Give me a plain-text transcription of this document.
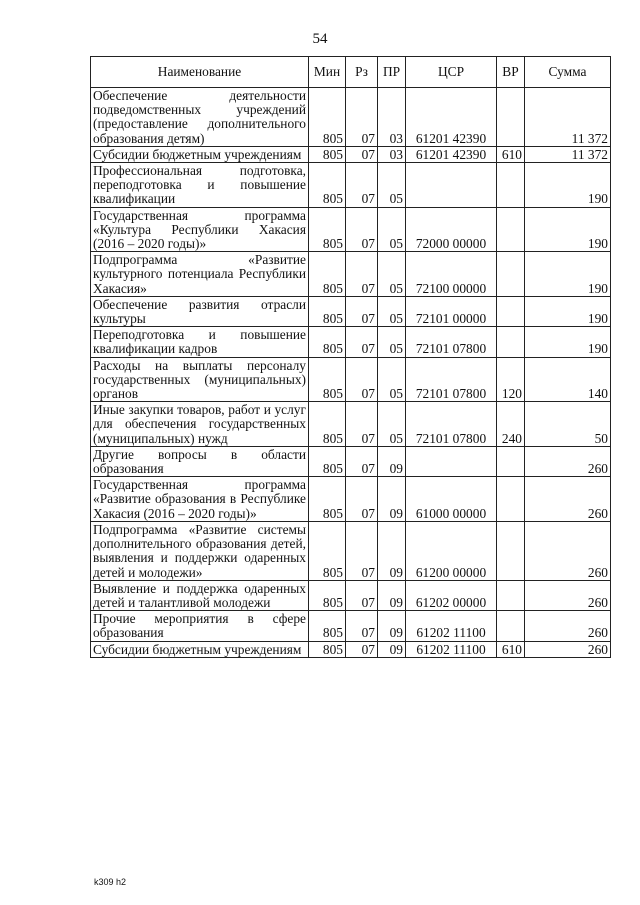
54
Наименование	Мин	Рз	ПР	ЦСР	ВР	Сумма
Обеспечение деятельности подведомственных учреждений (предоставление дополнительного образования детям)	805	07	03	61201 42390		11 372
Субсидии бюджетным учреждениям	805	07	03	61201 42390	610	11 372
Профессиональная подготовка, переподготовка и повышение квалификации	805	07	05			190
Государственная программа «Культура Республики Хакасия (2016 – 2020 годы)»	805	07	05	72000 00000		190
Подпрограмма «Развитие культурного потенциала Республики Хакасия»	805	07	05	72100 00000		190
Обеспечение развития отрасли культуры	805	07	05	72101 00000		190
Переподготовка и повышение квалификации кадров	805	07	05	72101 07800		190
Расходы на выплаты персоналу государственных (муниципальных) органов	805	07	05	72101 07800	120	140
Иные закупки товаров, работ и услуг для обеспечения государственных (муниципальных) нужд	805	07	05	72101 07800	240	50
Другие вопросы в области образования	805	07	09			260
Государственная программа «Развитие образования в Республике Хакасия (2016 – 2020 годы)»	805	07	09	61000 00000		260
Подпрограмма «Развитие системы дополнительного образования детей, выявления и поддержки одаренных детей и молодежи»	805	07	09	61200 00000		260
Выявление и поддержка одаренных детей и талантливой молодежи	805	07	09	61202 00000		260
Прочие мероприятия в сфере образования	805	07	09	61202 11100		260
Субсидии бюджетным учреждениям	805	07	09	61202 11100	610	260
k309 h2
